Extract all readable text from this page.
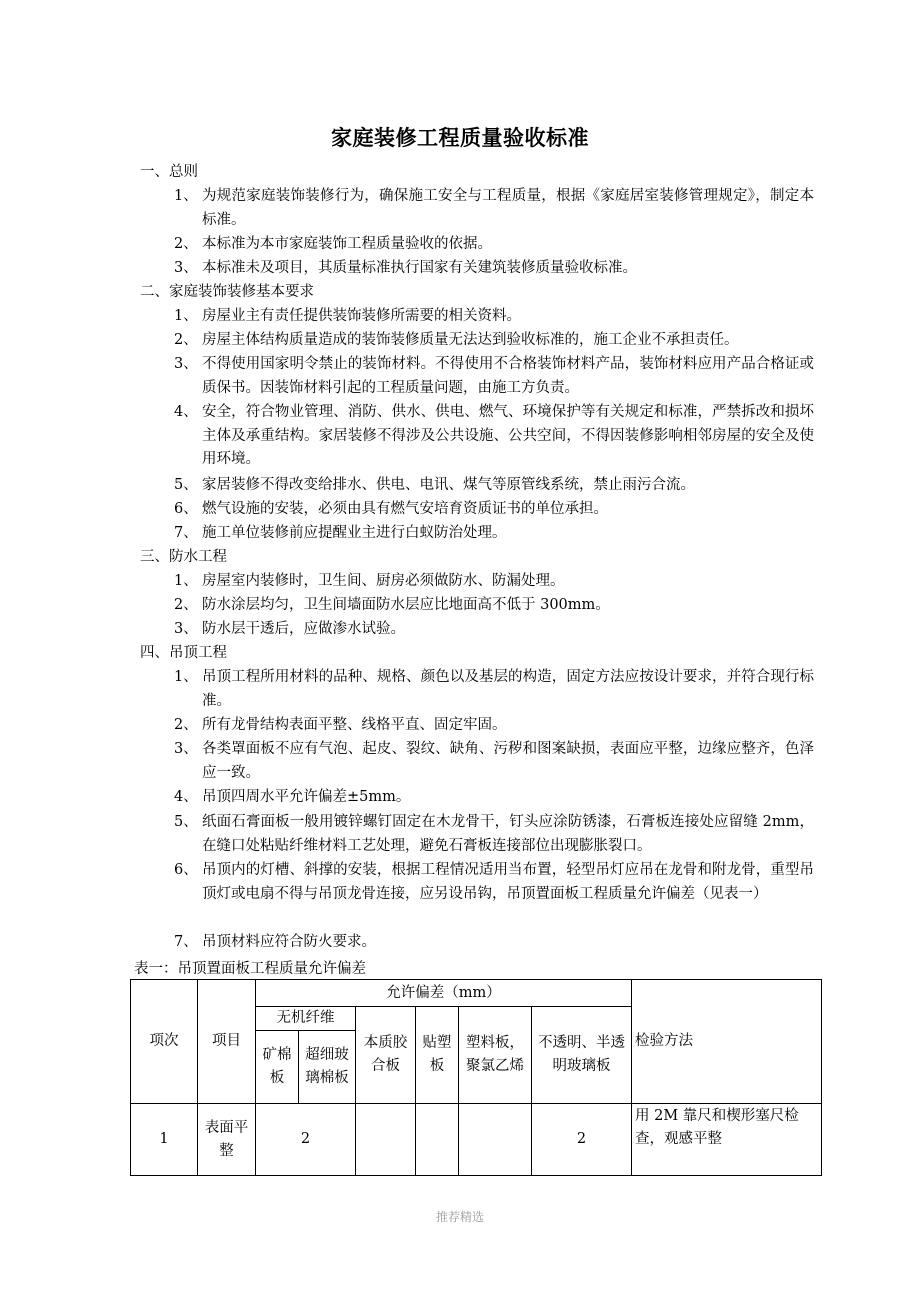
家庭装修工程质量验收标准
一、总则
1、 为规范家庭装饰装修行为，确保施工安全与工程质量，根据《家庭居室装修管理规定》，制定本标准。
2、 本标准为本市家庭装饰工程质量验收的依据。
3、 本标准未及项目，其质量标准执行国家有关建筑装修质量验收标准。
二、家庭装饰装修基本要求
1、 房屋业主有责任提供装饰装修所需要的相关资料。
2、 房屋主体结构质量造成的装饰装修质量无法达到验收标准的，施工企业不承担责任。
3、 不得使用国家明令禁止的装饰材料。不得使用不合格装饰材料产品，装饰材料应用产品合格证或质保书。因装饰材料引起的工程质量问题，由施工方负责。
4、 安全，符合物业管理、消防、供水、供电、燃气、环境保护等有关规定和标准，严禁拆改和损坏主体及承重结构。家居装修不得涉及公共设施、公共空间，不得因装修影响相邻房屋的安全及使用环境。
5、 家居装修不得改变给排水、供电、电讯、煤气等原管线系统，禁止雨污合流。
6、 燃气设施的安装，必须由具有燃气安培育资质证书的单位承担。
7、 施工单位装修前应提醒业主进行白蚁防治处理。
三、防水工程
1、 房屋室内装修时，卫生间、厨房必须做防水、防漏处理。
2、 防水涂层均匀，卫生间墙面防水层应比地面高不低于 300mm。
3、 防水层干透后，应做渗水试验。
四、吊顶工程
1、 吊顶工程所用材料的品种、规格、颜色以及基层的构造，固定方法应按设计要求，并符合现行标准。
2、 所有龙骨结构表面平整、线格平直、固定牢固。
3、 各类罩面板不应有气泡、起皮、裂纹、缺角、污秽和图案缺损，表面应平整，边缘应整齐，色泽应一致。
4、 吊顶四周水平允许偏差±5mm。
5、 纸面石膏面板一般用镀锌螺钉固定在木龙骨干，钉头应涂防锈漆，石膏板连接处应留缝 2mm，在缝口处粘贴纤维材料工艺处理，避免石膏板连接部位出现膨胀裂口。
6、 吊顶内的灯槽、斜撑的安装，根据工程情况适用当布置，轻型吊灯应吊在龙骨和附龙骨，重型吊顶灯或电扇不得与吊顶龙骨连接，应另设吊钩，吊顶置面板工程质量允许偏差（见表一）
7、 吊顶材料应符合防火要求。
表一：吊顶置面板工程质量允许偏差
项次	项目	允许偏差（mm）						检验方法
		无机纤维		本质胶合板	贴塑板	塑料板，聚氯乙烯	不透明、半透明玻璃板	
		矿棉板	超细玻璃棉板					
1	表面平整	2					2	用 2M 靠尺和楔形塞尺检查，观感平整
推荐精选
